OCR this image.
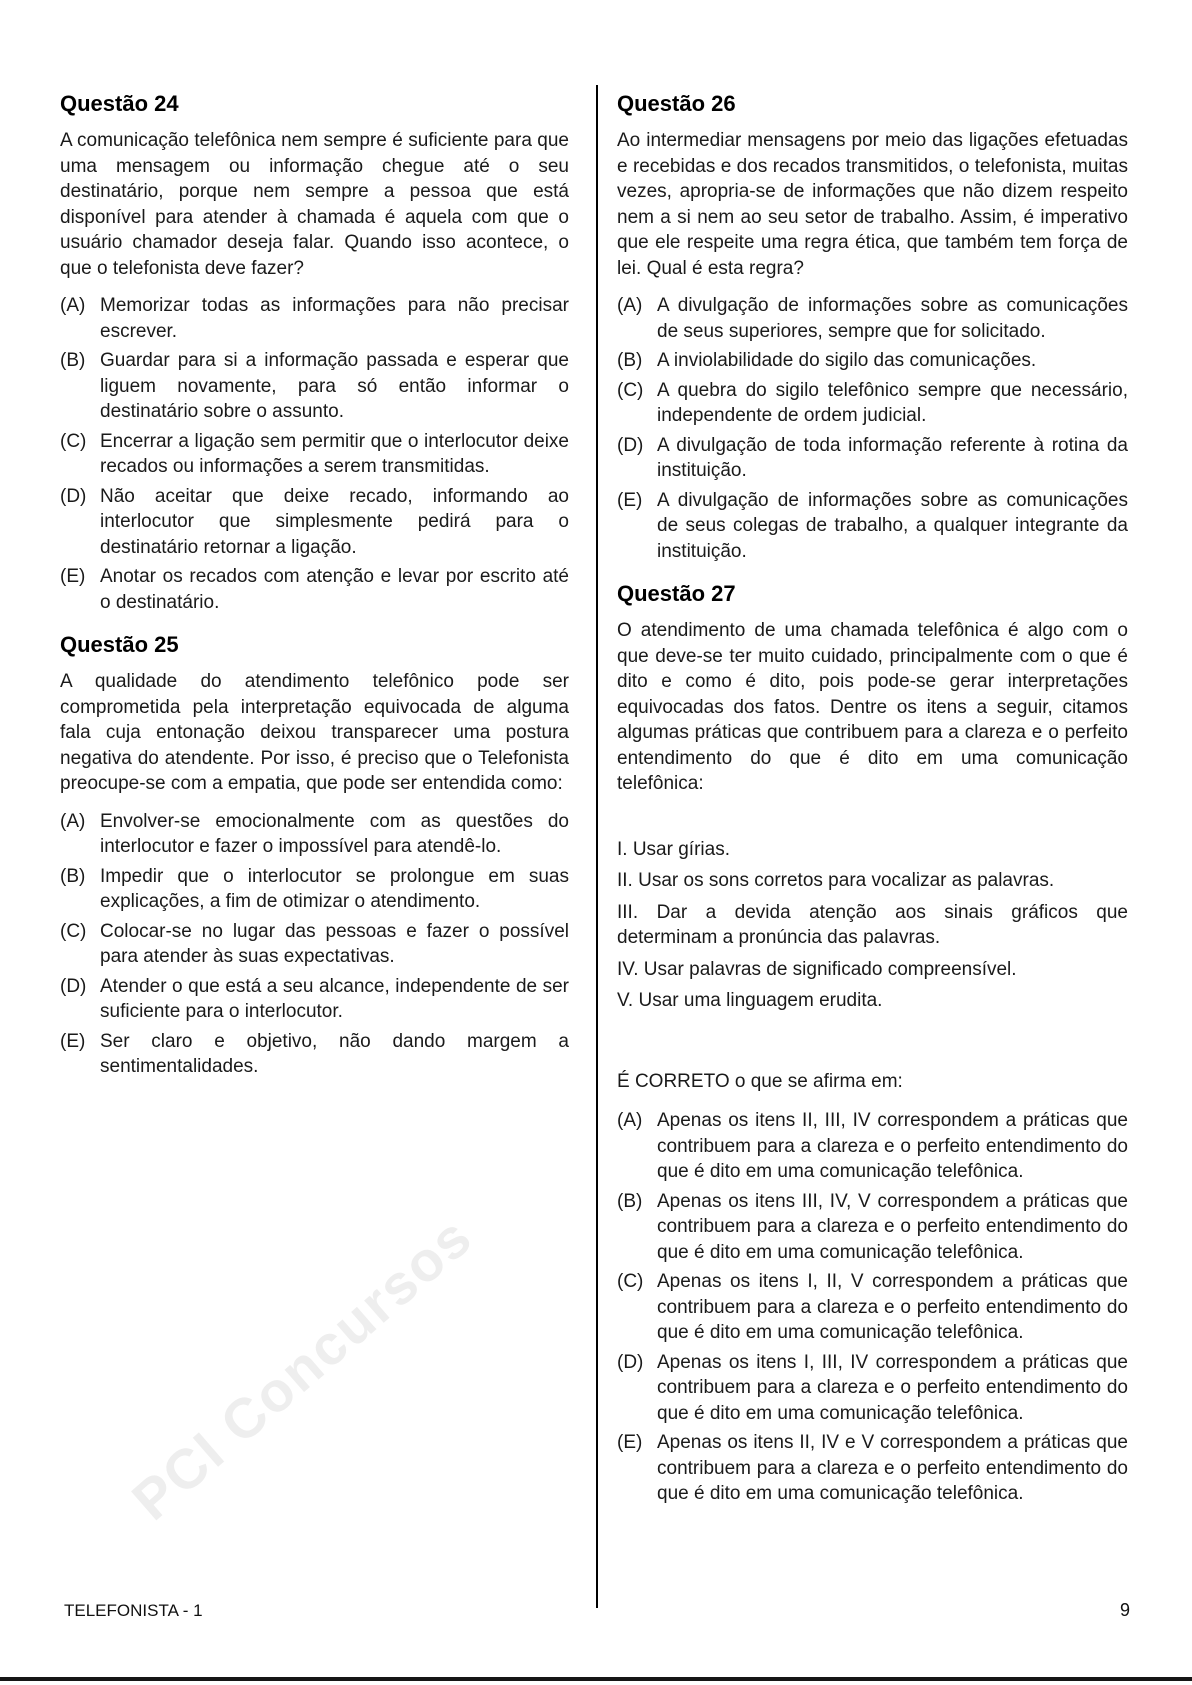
PCI Concursos
Questão 24

A comunicação telefônica nem sempre é suficiente para que uma mensagem ou informação chegue até o seu destinatário, porque nem sempre a pessoa que está disponível para atender à chamada é aquela com que o usuário chamador deseja falar. Quando isso acontece, o que o telefonista deve fazer?

(A) Memorizar todas as informações para não precisar escrever.
(B) Guardar para si a informação passada e esperar que liguem novamente, para só então informar o destinatário sobre o assunto.
(C) Encerrar a ligação sem permitir que o interlocutor deixe recados ou informações a serem transmitidas.
(D) Não aceitar que deixe recado, informando ao interlocutor que simplesmente pedirá para o destinatário retornar a ligação.
(E) Anotar os recados com atenção e levar por escrito até o destinatário.
Questão 25

A qualidade do atendimento telefônico pode ser comprometida pela interpretação equivocada de alguma fala cuja entonação deixou transparecer uma postura negativa do atendente. Por isso, é preciso que o Telefonista preocupe-se com a empatia, que pode ser entendida como:

(A) Envolver-se emocionalmente com as questões do interlocutor e fazer o impossível para atendê-lo.
(B) Impedir que o interlocutor se prolongue em suas explicações, a fim de otimizar o atendimento.
(C) Colocar-se no lugar das pessoas e fazer o possível para atender às suas expectativas.
(D) Atender o que está a seu alcance, independente de ser suficiente para o interlocutor.
(E) Ser claro e objetivo, não dando margem a sentimentalidades.
Questão 26

Ao intermediar mensagens por meio das ligações efetuadas e recebidas e dos recados transmitidos, o telefonista, muitas vezes, apropria-se de informações que não dizem respeito nem a si nem ao seu setor de trabalho. Assim, é imperativo que ele respeite uma regra ética, que também tem força de lei. Qual é esta regra?

(A) A divulgação de informações sobre as comunicações de seus superiores, sempre que for solicitado.
(B) A inviolabilidade do sigilo das comunicações.
(C) A quebra do sigilo telefônico sempre que necessário, independente de ordem judicial.
(D) A divulgação de toda informação referente à rotina da instituição.
(E) A divulgação de informações sobre as comunicações de seus colegas de trabalho, a qualquer integrante da instituição.
Questão 27

O atendimento de uma chamada telefônica é algo com o que deve-se ter muito cuidado, principalmente com o que é dito e como é dito, pois pode-se gerar interpretações equivocadas dos fatos. Dentre os itens a seguir, citamos algumas práticas que contribuem para a clareza e o perfeito entendimento do que é dito em uma comunicação telefônica:

I. Usar gírias.

II. Usar os sons corretos para vocalizar as palavras.

III. Dar a devida atenção aos sinais gráficos que determinam a pronúncia das palavras.

IV. Usar palavras de significado compreensível.

V. Usar uma linguagem erudita.

É CORRETO o que se afirma em:

(A) Apenas os itens II, III, IV correspondem a práticas que contribuem para a clareza e o perfeito entendimento do que é dito em uma comunicação telefônica.
(B) Apenas os itens III, IV, V correspondem a práticas que contribuem para a clareza e o perfeito entendimento do que é dito em uma comunicação telefônica.
(C) Apenas os itens I, II, V correspondem a práticas que contribuem para a clareza e o perfeito entendimento do que é dito em uma comunicação telefônica.
(D) Apenas os itens I, III, IV correspondem a práticas que contribuem para a clareza e o perfeito entendimento do que é dito em uma comunicação telefônica.
(E) Apenas os itens II, IV e V correspondem a práticas que contribuem para a clareza e o perfeito entendimento do que é dito em uma comunicação telefônica.
TELEFONISTA - 1	9
